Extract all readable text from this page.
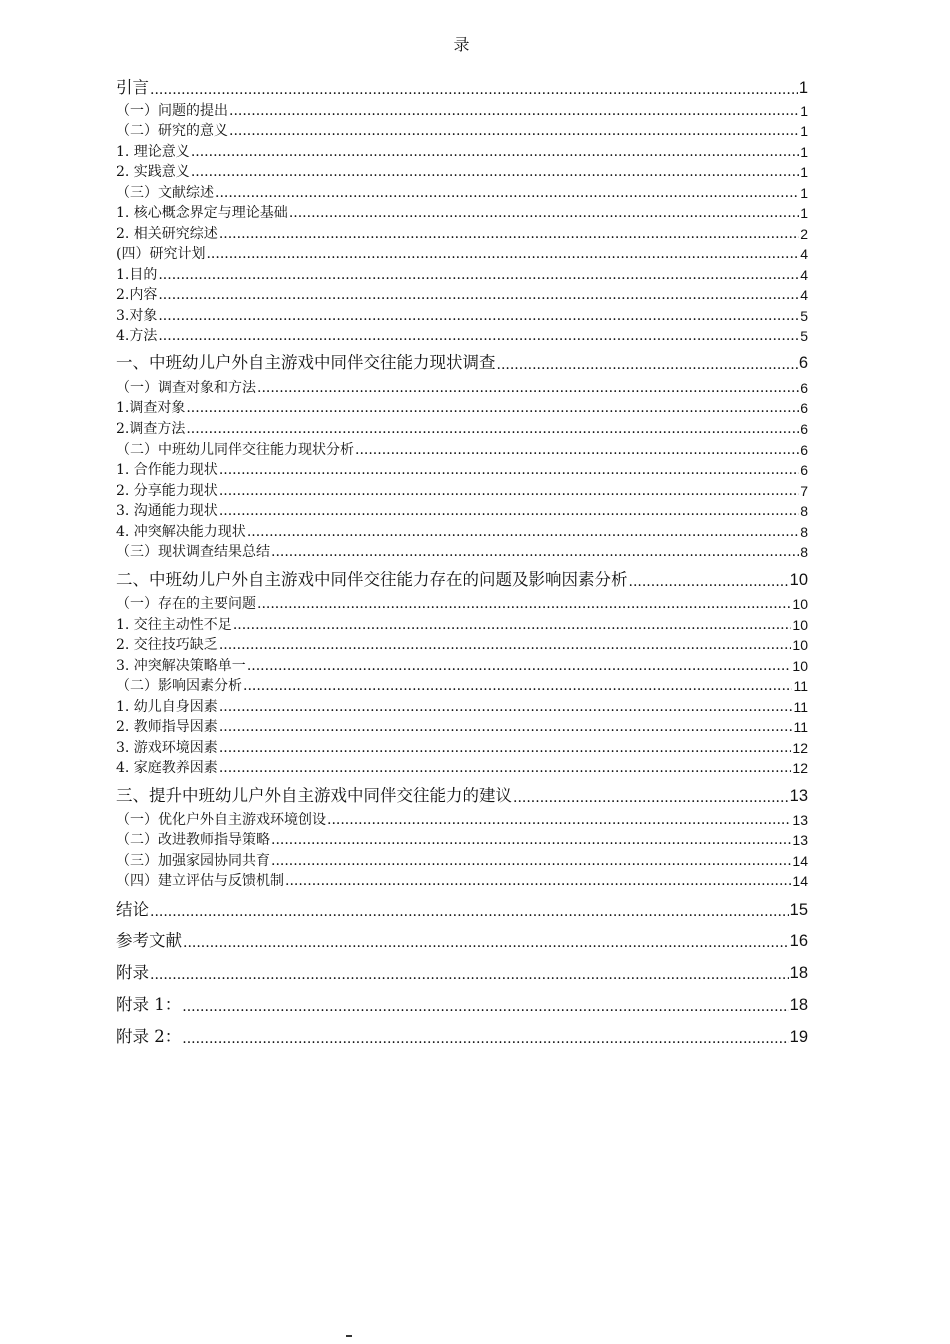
录
引言 .....	1
（一）问题的提出 .....	1
（二）研究的意义 .....	1
1. 理论意义 .....	1
2. 实践意义 .....	1
（三）文献综述 .....	1
1. 核心概念界定与理论基础 .....	1
2. 相关研究综述 .....	2
(四）研究计划 .....	4
1.目的 .....	4
2.内容 .....	4
3.对象 .....	5
4.方法 .....	5
一、中班幼儿户外自主游戏中同伴交往能力现状调查 .....	6
（一）调查对象和方法 .....	6
1.调查对象 .....	6
2.调查方法 .....	6
（二）中班幼儿同伴交往能力现状分析 .....	6
1. 合作能力现状 .....	6
2. 分享能力现状 .....	7
3. 沟通能力现状 .....	8
4. 冲突解决能力现状 .....	8
（三）现状调查结果总结 .....	8
二、中班幼儿户外自主游戏中同伴交往能力存在的问题及影响因素分析 .....	10
（一）存在的主要问题 .....	10
1. 交往主动性不足 .....	10
2. 交往技巧缺乏 .....	10
3. 冲突解决策略单一 .....	10
（二）影响因素分析 .....	11
1. 幼儿自身因素 .....	11
2. 教师指导因素 .....	11
3. 游戏环境因素 .....	12
4. 家庭教养因素 .....	12
三、提升中班幼儿户外自主游戏中同伴交往能力的建议 .....	13
（一）优化户外自主游戏环境创设 .....	13
（二）改进教师指导策略 .....	13
（三）加强家园协同共育 .....	14
（四）建立评估与反馈机制 .....	14
结论 .....	15
参考文献 .....	16
附录 .....	18
附录 1： .....	18
附录 2： .....	19
